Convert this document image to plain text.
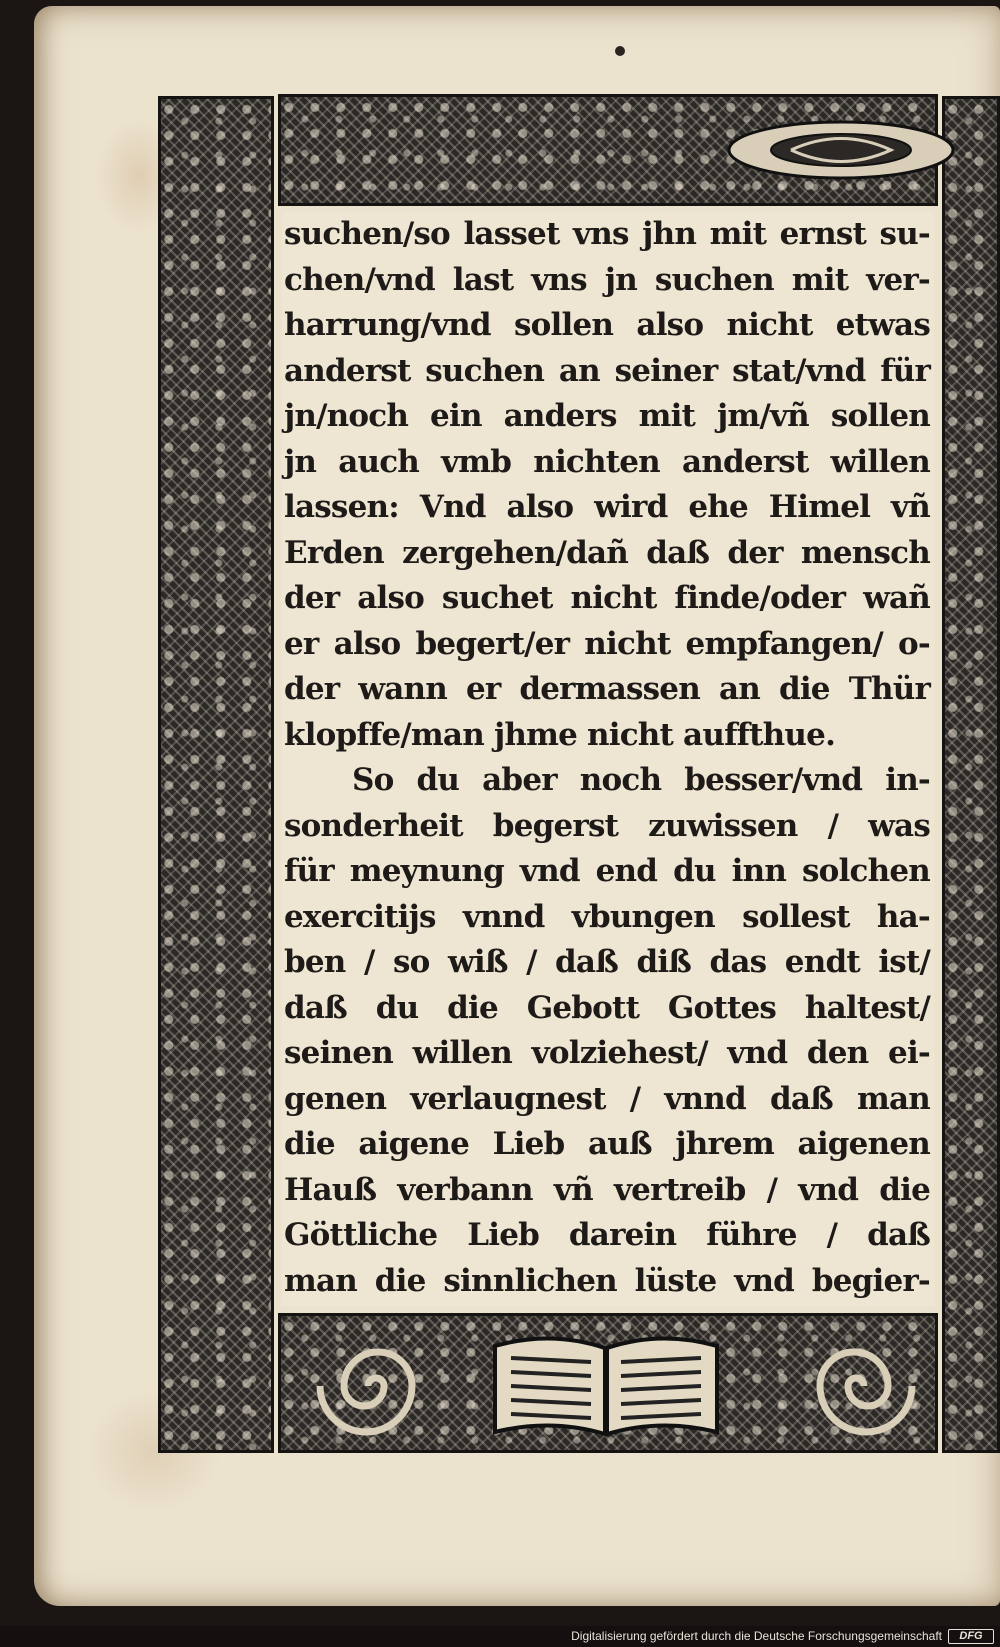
suchen/so lasset vns jhn mit ernst su-
chen/vnd last vns jn suchen mit ver-
harrung/vnd sollen also nicht etwas
anderst suchen an seiner stat/vnd für
jn/noch ein anders mit jm/vñ sollen
jn auch vmb nichten anderst willen
lassen: Vnd also wird ehe Himel vñ
Erden zergehen/dañ daß der mensch
der also suchet nicht finde/oder wañ
er also begert/er nicht empfangen/ o-
der wann er dermassen an die Thür
klopffe/man jhme nicht auffthue.
So du aber noch besser/vnd in-
sonderheit begerst zuwissen / was
für meynung vnd end du inn solchen
exercitijs vnnd vbungen sollest ha-
ben / so wiß / daß diß das endt ist/
daß du die Gebott Gottes haltest/
seinen willen volziehest/ vnd den ei-
genen verlaugnest / vnnd daß man
die aigene Lieb auß jhrem aigenen
Hauß verbann vñ vertreib / vnd die
Göttliche Lieb darein führe / daß
man die sinnlichen lüste vnd begier-
Digitalisierung gefördert durch die Deutsche Forschungsgemeinschaft	DFG
